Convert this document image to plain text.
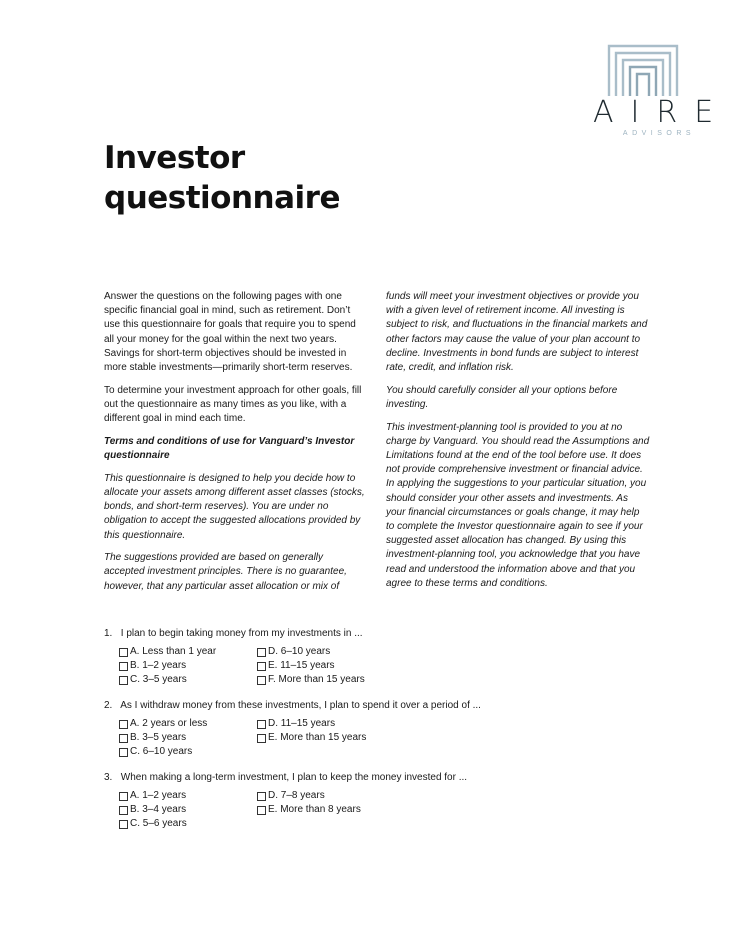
AIRE
ADVISORS
Investor
questionnaire

Answer the questions on the following pages with one specific financial goal in mind, such as retirement. Don’t use this questionnaire for goals that require you to spend all your money for the goal within the next two years. Savings for short-term objectives should be invested in more stable investments—primarily short-term reserves.

To determine your investment approach for other goals, fill out the questionnaire as many times as you like, with a different goal in mind each time.

Terms and conditions of use for Vanguard’s Investor questionnaire

This questionnaire is designed to help you decide how to allocate your assets among different asset classes (stocks, bonds, and short-term reserves). You are under no obligation to accept the suggested allocations provided by this questionnaire.

The suggestions provided are based on generally accepted investment principles. There is no guarantee, however, that any particular asset allocation or mix of

funds will meet your investment objectives or provide you with a given level of retirement income. All investing is subject to risk, and fluctuations in the financial markets and other factors may cause the value of your plan account to decline. Investments in bond funds are subject to interest rate, credit, and inflation risk.

You should carefully consider all your options before investing.

This investment-planning tool is provided to you at no charge by Vanguard. You should read the Assumptions and Limitations found at the end of the tool before use. It does not provide comprehensive investment or financial advice. In applying the suggestions to your particular situation, you should consider your other assets and investments. As your financial circumstances or goals change, it may help to complete the Investor questionnaire again to see if your suggested asset allocation has changed. By using this investment-planning tool, you acknowledge that you have read and understood the information above and that you agree to these terms and conditions.

1. I plan to begin taking money from my investments in ...
A. Less than 1 year
B. 1–2 years
C. 3–5 years
D. 6–10 years
E. 11–15 years
F. More than 15 years
2. As I withdraw money from these investments, I plan to spend it over a period of ...
A. 2 years or less
B. 3–5 years
C. 6–10 years
D. 11–15 years
E. More than 15 years
3. When making a long-term investment, I plan to keep the money invested for ...
A. 1–2 years
B. 3–4 years
C. 5–6 years
D. 7–8 years
E. More than 8 years
